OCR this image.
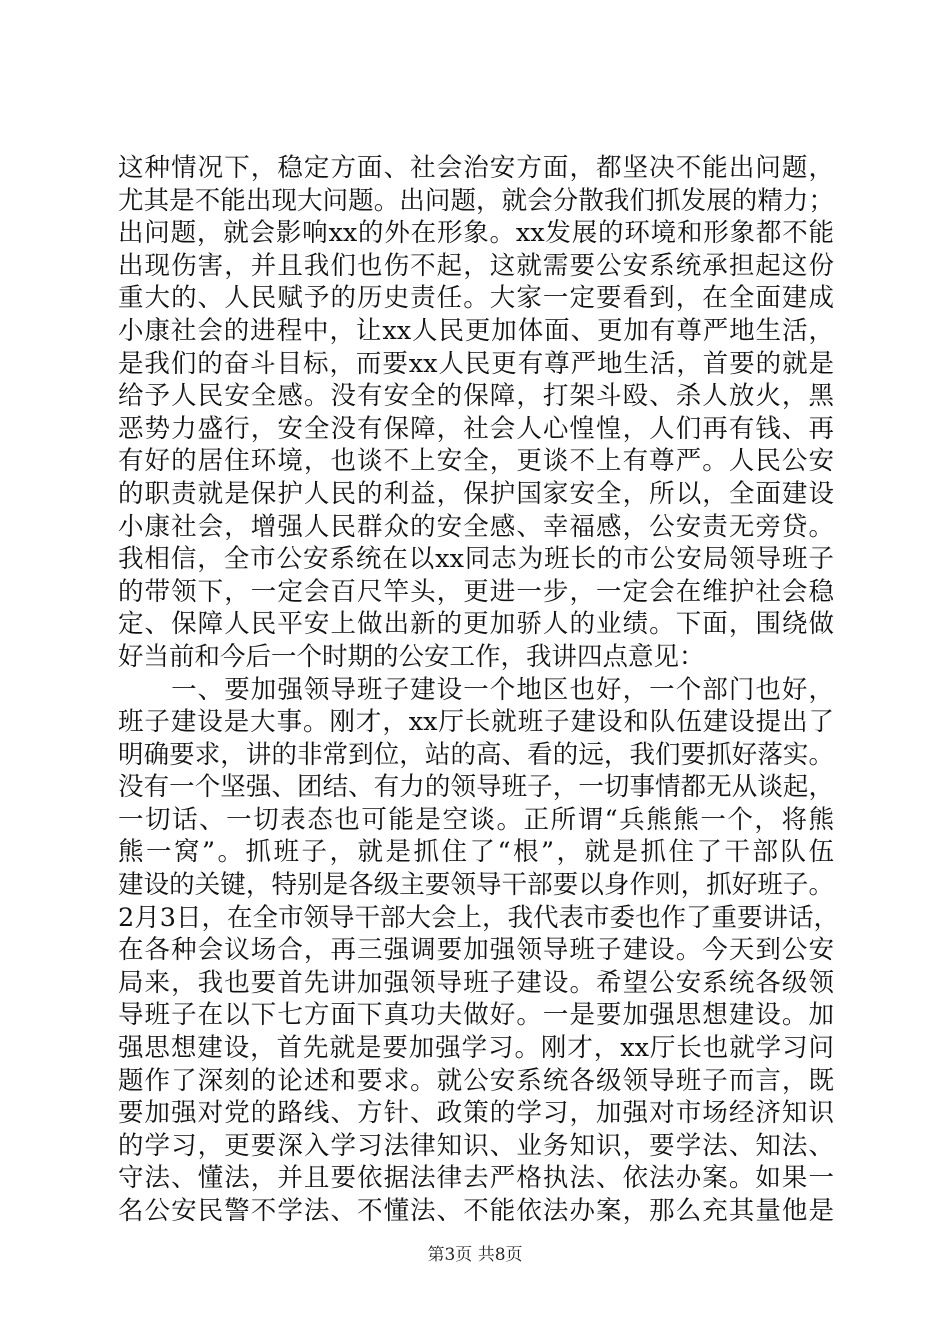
这种情况下，稳定方面、社会治安方面，都坚决不能出问题，
尤其是不能出现大问题。出问题，就会分散我们抓发展的精力；
出问题，就会影响xx的外在形象。xx发展的环境和形象都不能
出现伤害，并且我们也伤不起，这就需要公安系统承担起这份
重大的、人民赋予的历史责任。大家一定要看到，在全面建成
小康社会的进程中，让xx人民更加体面、更加有尊严地生活，
是我们的奋斗目标，而要xx人民更有尊严地生活，首要的就是
给予人民安全感。没有安全的保障，打架斗殴、杀人放火，黑
恶势力盛行，安全没有保障，社会人心惶惶，人们再有钱、再
有好的居住环境，也谈不上安全，更谈不上有尊严。人民公安
的职责就是保护人民的利益，保护国家安全，所以，全面建设
小康社会，增强人民群众的安全感、幸福感，公安责无旁贷。
我相信，全市公安系统在以xx同志为班长的市公安局领导班子
的带领下，一定会百尺竿头，更进一步，一定会在维护社会稳
定、保障人民平安上做出新的更加骄人的业绩。下面，围绕做
好当前和今后一个时期的公安工作，我讲四点意见：
　　一、要加强领导班子建设一个地区也好，一个部门也好，
班子建设是大事。刚才，xx厅长就班子建设和队伍建设提出了
明确要求，讲的非常到位，站的高、看的远，我们要抓好落实。
没有一个坚强、团结、有力的领导班子，一切事情都无从谈起，
一切话、一切表态也可能是空谈。正所谓“兵熊熊一个，将熊
熊一窝”。抓班子，就是抓住了“根”，就是抓住了干部队伍
建设的关键，特别是各级主要领导干部要以身作则，抓好班子。
2月3日，在全市领导干部大会上，我代表市委也作了重要讲话，
在各种会议场合，再三强调要加强领导班子建设。今天到公安
局来，我也要首先讲加强领导班子建设。希望公安系统各级领
导班子在以下七方面下真功夫做好。一是要加强思想建设。加
强思想建设，首先就是要加强学习。刚才，xx厅长也就学习问
题作了深刻的论述和要求。就公安系统各级领导班子而言，既
要加强对党的路线、方针、政策的学习，加强对市场经济知识
的学习，更要深入学习法律知识、业务知识，要学法、知法、
守法、懂法，并且要依据法律去严格执法、依法办案。如果一
名公安民警不学法、不懂法、不能依法办案，那么充其量他是
第3页 共8页
